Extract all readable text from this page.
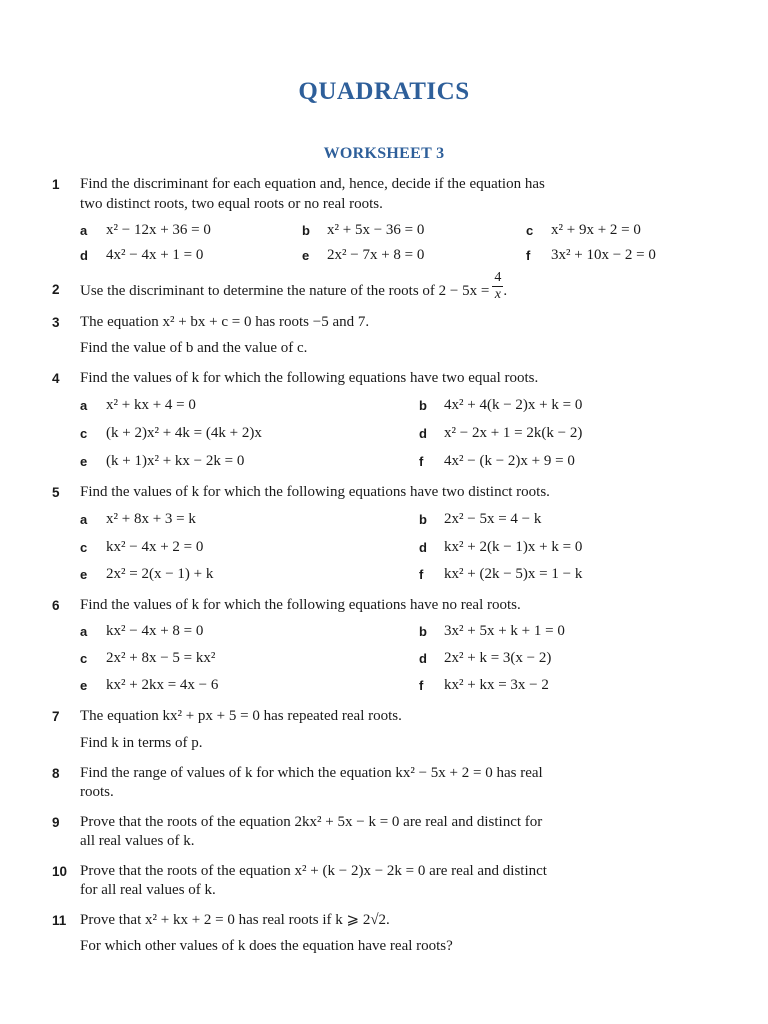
QUADRATICS
WORKSHEET 3
1 Find the discriminant for each equation and, hence, decide if the equation has
two distinct roots, two equal roots or no real roots.
a x² − 12x + 36 = 0	b x² + 5x − 36 = 0	c x² + 9x + 2 = 0
d 4x² − 4x + 1 = 0	e 2x² − 7x + 8 = 0	f 3x² + 10x − 2 = 0
2 Use the discriminant to determine the nature of the roots of $2 - 5x = \frac{4}{x}$ .
3 The equation x² + bx + c = 0 has roots −5 and 7.
Find the value of b and the value of c.
4 Find the values of k for which the following equations have two equal roots.
a x² + kx + 4 = 0	b 4x² + 4(k − 2)x + k = 0
c (k + 2)x² + 4k = (4k + 2)x	d x² − 2x + 1 = 2k(k − 2)
e (k + 1)x² + kx − 2k = 0	f 4x² − (k − 2)x + 9 = 0
5 Find the values of k for which the following equations have two distinct roots.
a x² + 8x + 3 = k	b 2x² − 5x = 4 − k
c kx² − 4x + 2 = 0	d kx² + 2(k − 1)x + k = 0
e 2x² = 2(x − 1) + k	f kx² + (2k − 5)x = 1 − k
6 Find the values of k for which the following equations have no real roots.
a kx² − 4x + 8 = 0	b 3x² + 5x + k + 1 = 0
c 2x² + 8x − 5 = kx²	d 2x² + k = 3(x − 2)
e kx² + 2kx = 4x − 6	f kx² + kx = 3x − 2
7 The equation kx² + px + 5 = 0 has repeated real roots.
Find k in terms of p.
8 Find the range of values of k for which the equation kx² − 5x + 2 = 0 has real
roots.
9 Prove that the roots of the equation 2kx² + 5x − k = 0 are real and distinct for
all real values of k.
10 Prove that the roots of the equation x² + (k − 2)x − 2k = 0 are real and distinct
for all real values of k.
11 Prove that x² + kx + 2 = 0 has real roots if k ⩾ 2√2.
For which other values of k does the equation have real roots?
